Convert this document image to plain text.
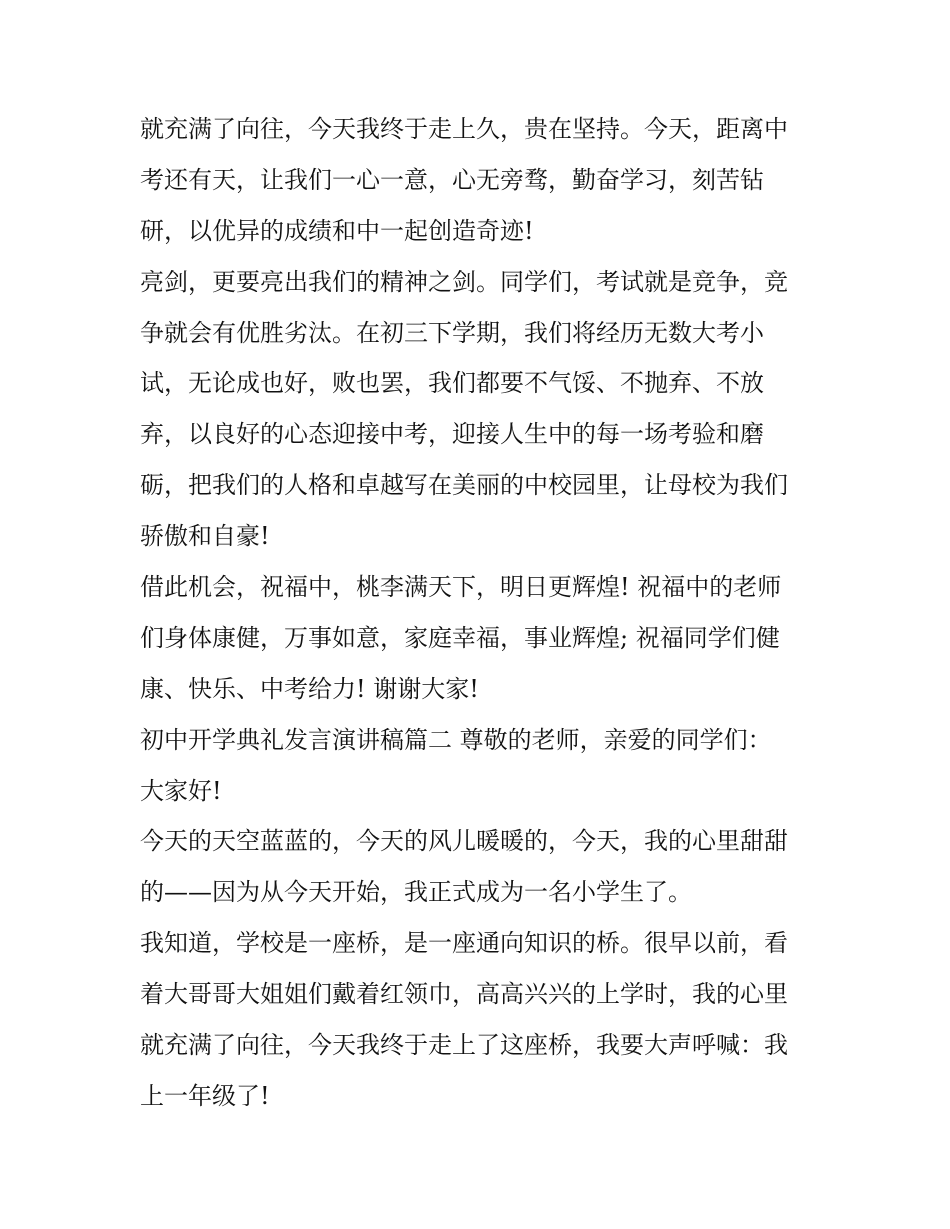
就充满了向往，今天我终于走上久，贵在坚持。今天，距离中
考还有天，让我们一心一意，心无旁骛，勤奋学习，刻苦钻
研，以优异的成绩和中一起创造奇迹!
亮剑，更要亮出我们的精神之剑。同学们，考试就是竞争，竞
争就会有优胜劣汰。在初三下学期，我们将经历无数大考小
试，无论成也好，败也罢，我们都要不气馁、不抛弃、不放
弃，以良好的心态迎接中考，迎接人生中的每一场考验和磨
砺，把我们的人格和卓越写在美丽的中校园里，让母校为我们
骄傲和自豪!
借此机会，祝福中，桃李满天下，明日更辉煌! 祝福中的老师
们身体康健，万事如意，家庭幸福，事业辉煌; 祝福同学们健
康、快乐、中考给力! 谢谢大家!
初中开学典礼发言演讲稿篇二 尊敬的老师，亲爱的同学们：
大家好!
今天的天空蓝蓝的，今天的风儿暖暖的，今天，我的心里甜甜
的——因为从今天开始，我正式成为一名小学生了。
我知道，学校是一座桥，是一座通向知识的桥。很早以前，看
着大哥哥大姐姐们戴着红领巾，高高兴兴的上学时，我的心里
就充满了向往，今天我终于走上了这座桥，我要大声呼喊：我
上一年级了!
